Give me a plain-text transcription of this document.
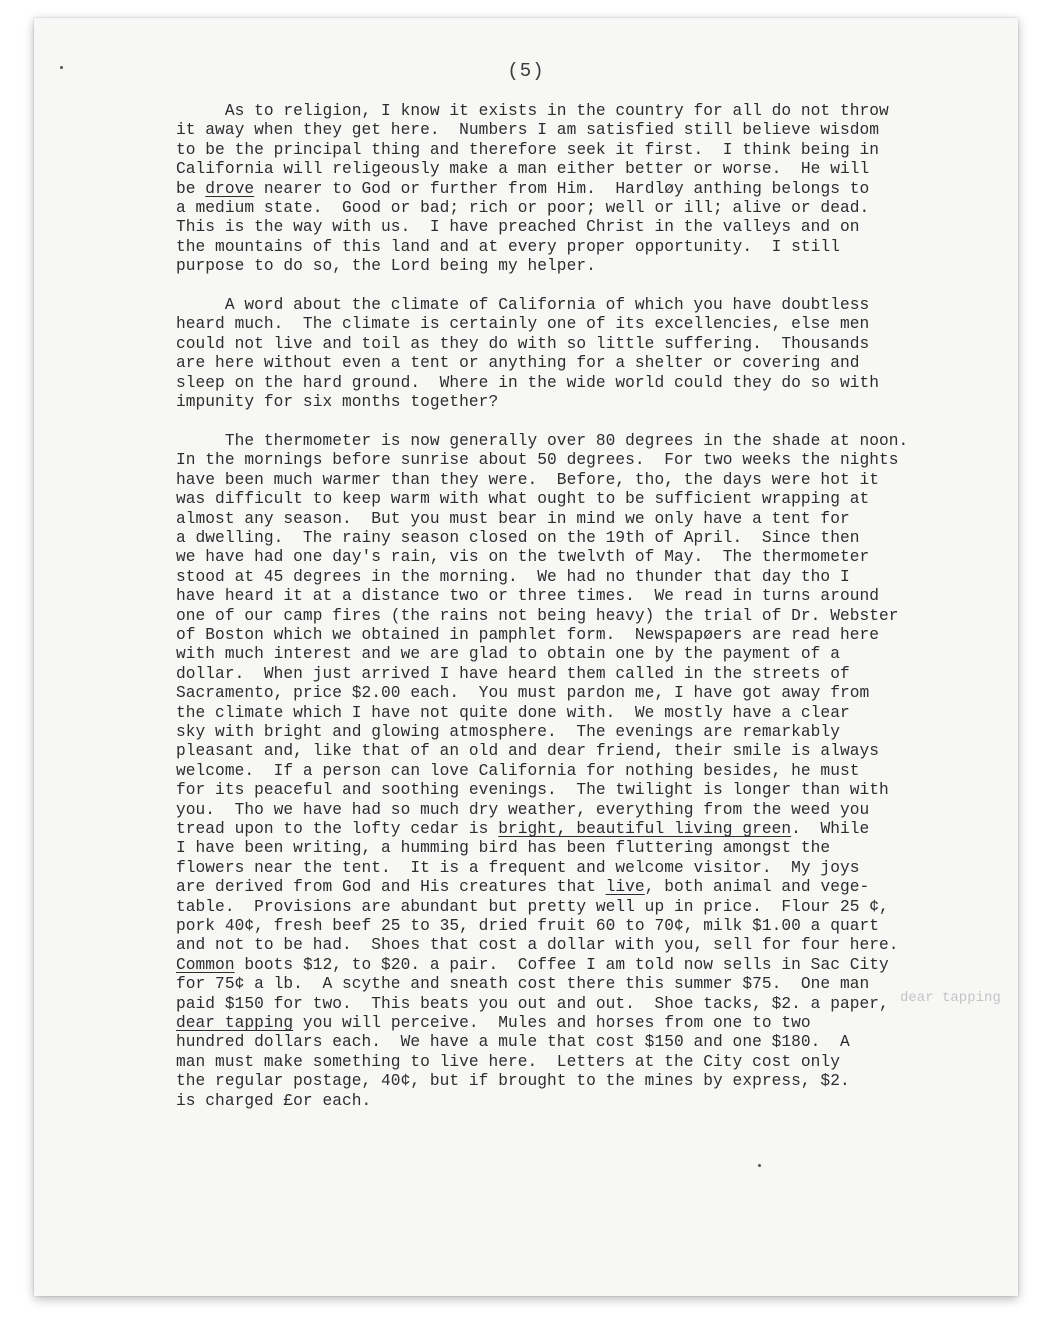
(5)
As to religion, I know it exists in the country for all do not throw
it away when they get here.  Numbers I am satisfied still believe wisdom
to be the principal thing and therefore seek it first.  I think being in
California will religeously make a man either better or worse.  He will
be drove nearer to God or further from Him.  Hardløy anthing belongs to
a medium state.  Good or bad; rich or poor; well or ill; alive or dead.
This is the way with us.  I have preached Christ in the valleys and on
the mountains of this land and at every proper opportunity.  I still
purpose to do so, the Lord being my helper.
A word about the climate of California of which you have doubtless
heard much.  The climate is certainly one of its excellencies, else men
could not live and toil as they do with so little suffering.  Thousands
are here without even a tent or anything for a shelter or covering and
sleep on the hard ground.  Where in the wide world could they do so with
impunity for six months together?
The thermometer is now generally over 80 degrees in the shade at noon.
In the mornings before sunrise about 50 degrees.  For two weeks the nights
have been much warmer than they were.  Before, tho, the days were hot it
was difficult to keep warm with what ought to be sufficient wrapping at
almost any season.  But you must bear in mind we only have a tent for
a dwelling.  The rainy season closed on the 19th of April.  Since then
we have had one day's rain, vis on the twelvth of May.  The thermometer
stood at 45 degrees in the morning.  We had no thunder that day tho I
have heard it at a distance two or three times.  We read in turns around
one of our camp fires (the rains not being heavy) the trial of Dr. Webster
of Boston which we obtained in pamphlet form.  Newspapøers are read here
with much interest and we are glad to obtain one by the payment of a
dollar.  When just arrived I have heard them called in the streets of
Sacramento, price $2.00 each.  You must pardon me, I have got away from
the climate which I have not quite done with.  We mostly have a clear
sky with bright and glowing atmosphere.  The evenings are remarkably
pleasant and, like that of an old and dear friend, their smile is always
welcome.  If a person can love California for nothing besides, he must
for its peaceful and soothing evenings.  The twilight is longer than with
you.  Tho we have had so much dry weather, everything from the weed you
tread upon to the lofty cedar is bright, beautiful living green.  While
I have been writing, a humming bird has been fluttering amongst the
flowers near the tent.  It is a frequent and welcome visitor.  My joys
are derived from God and His creatures that live, both animal and vege-
table.  Provisions are abundant but pretty well up in price.  Flour 25 ¢,
pork 40¢, fresh beef 25 to 35, dried fruit 60 to 70¢, milk $1.00 a quart
and not to be had.  Shoes that cost a dollar with you, sell for four here.
Common boots $12, to $20. a pair.  Coffee I am told now sells in Sac City
for 75¢ a lb.  A scythe and sneath cost there this summer $75.  One man
paid $150 for two.  This beats you out and out.  Shoe tacks, $2. a paper,
dear tapping you will perceive.  Mules and horses from one to two
hundred dollars each.  We have a mule that cost $150 and one $180.  A
man must make something to live here.  Letters at the City cost only
the regular postage, 40¢, but if brought to the mines by express, $2.
is charged £or each.
dear tapping
